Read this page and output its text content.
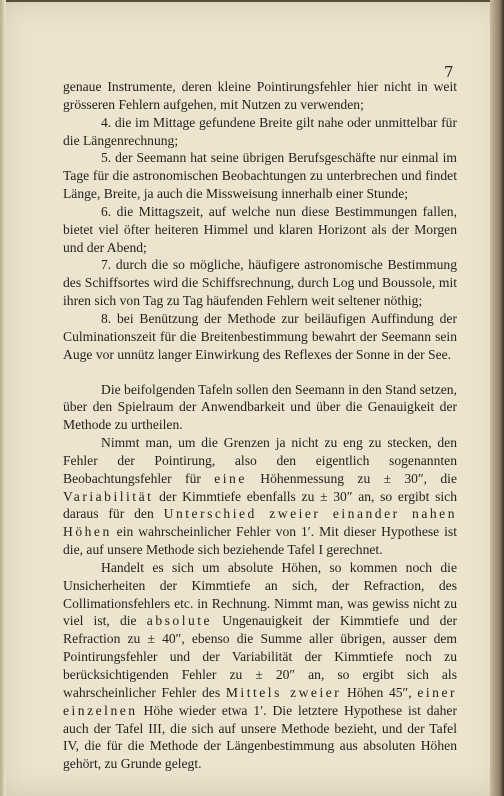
7

genaue Instrumente, deren kleine Pointirungsfehler hier nicht in weit grösseren Fehlern aufgehen, mit Nutzen zu verwenden;

4. die im Mittage gefundene Breite gilt nahe oder unmittelbar für die Längenrechnung;

5. der Seemann hat seine übrigen Berufsgeschäfte nur einmal im Tage für die astronomischen Beobachtungen zu unterbrechen und findet Länge, Breite, ja auch die Missweisung innerhalb einer Stunde;

6. die Mittagszeit, auf welche nun diese Bestimmungen fallen, bietet viel öfter heiteren Himmel und klaren Horizont als der Morgen und der Abend;

7. durch die so mögliche, häufigere astronomische Bestimmung des Schiffsortes wird die Schiffsrechnung, durch Log und Boussole, mit ihren sich von Tag zu Tag häufenden Fehlern weit seltener nöthig;

8. bei Benützung der Methode zur beiläufigen Auffindung der Culminationszeit für die Breitenbestimmung bewahrt der Seemann sein Auge vor unnütz langer Einwirkung des Reflexes der Sonne in der See.

Die beifolgenden Tafeln sollen den Seemann in den Stand setzen, über den Spielraum der Anwendbarkeit und über die Genauigkeit der Methode zu urtheilen.

Nimmt man, um die Grenzen ja nicht zu eng zu stecken, den Fehler der Pointirung, also den eigentlich sogenannten Beobachtungsfehler für eine Höhenmessung zu ± 30″, die Variabilität der Kimmtiefe ebenfalls zu ± 30″ an, so ergibt sich daraus für den Unterschied zweier einander nahen Höhen ein wahrscheinlicher Fehler von 1′. Mit dieser Hypothese ist die, auf unsere Methode sich beziehende Tafel I gerechnet.

Handelt es sich um absolute Höhen, so kommen noch die Unsicherheiten der Kimmtiefe an sich, der Refraction, des Collimationsfehlers etc. in Rechnung. Nimmt man, was gewiss nicht zu viel ist, die absolute Ungenauigkeit der Kimmtiefe und der Refraction zu ± 40″, ebenso die Summe aller übrigen, ausser dem Pointirungsfehler und der Variabilität der Kimmtiefe noch zu berücksichtigenden Fehler zu ± 20″ an, so ergibt sich als wahrscheinlicher Fehler des Mittels zweier Höhen 45″, einer einzelnen Höhe wieder etwa 1′. Die letztere Hypothese ist daher auch der Tafel III, die sich auf unsere Methode bezieht, und der Tafel IV, die für die Methode der Längenbestimmung aus absoluten Höhen gehört, zu Grunde gelegt.
